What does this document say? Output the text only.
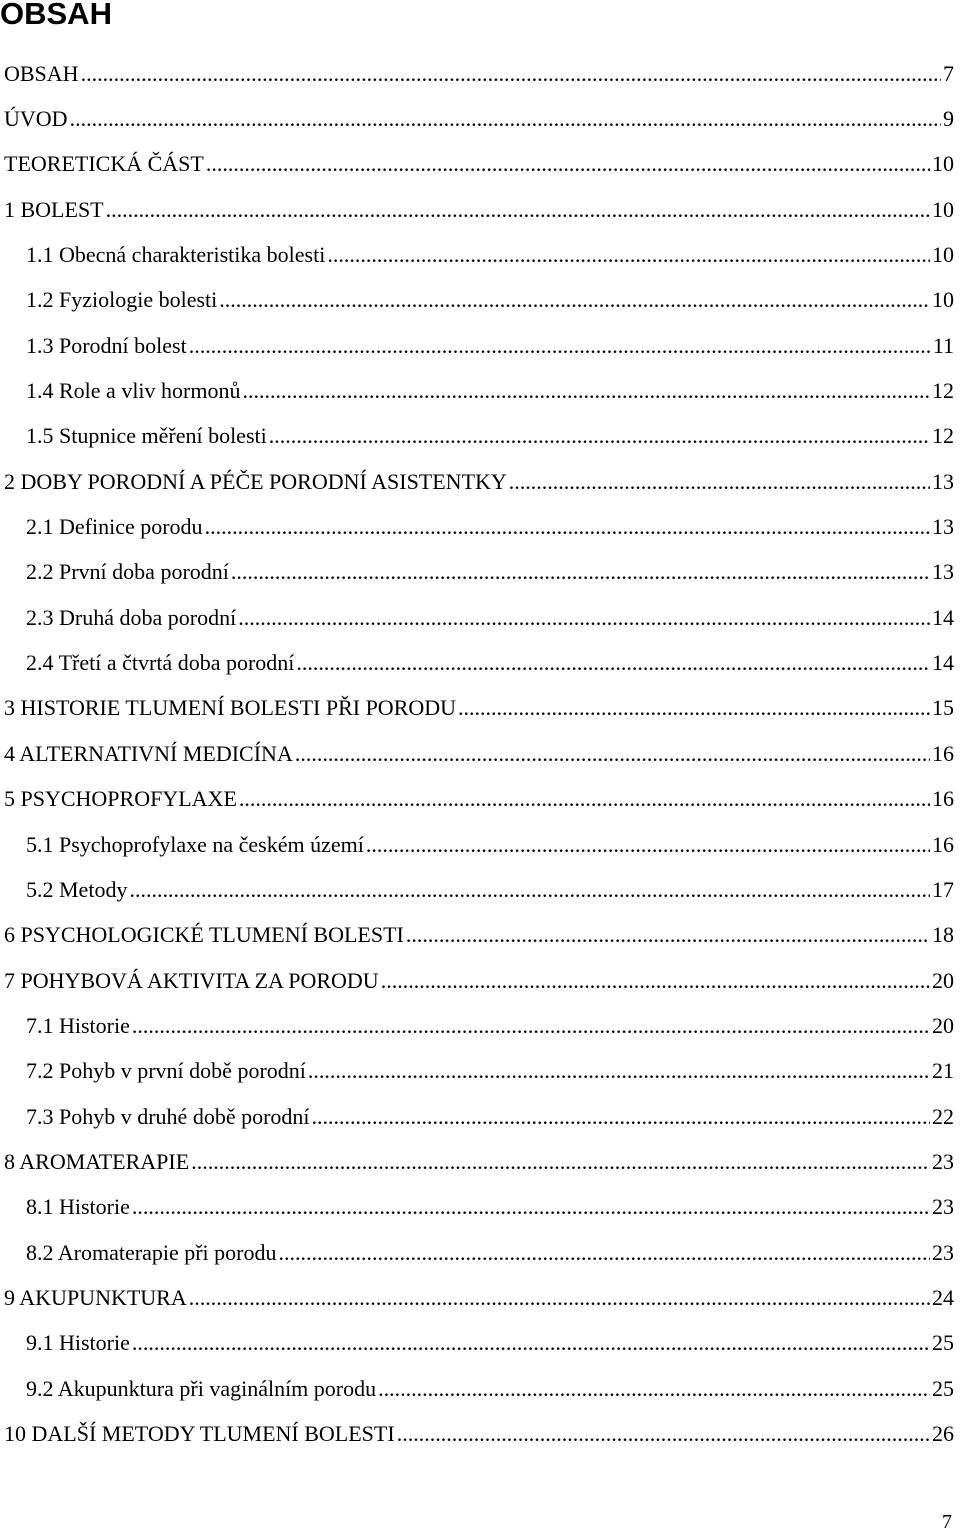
OBSAH
OBSAH .....	7
ÚVOD .....	9
TEORETICKÁ ČÁST .....	10
1 BOLEST .....	10
1.1 Obecná charakteristika bolesti .....	10
1.2 Fyziologie bolesti .....	10
1.3 Porodní bolest .....	11
1.4 Role a vliv hormonů .....	12
1.5 Stupnice měření bolesti .....	12
2 DOBY PORODNÍ A PÉČE PORODNÍ ASISTENTKY .....	13
2.1 Definice porodu .....	13
2.2 První doba porodní .....	13
2.3 Druhá doba porodní .....	14
2.4 Třetí a čtvrtá doba porodní .....	14
3 HISTORIE TLUMENÍ BOLESTI PŘI PORODU .....	15
4 ALTERNATIVNÍ MEDICÍNA .....	16
5 PSYCHOPROFYLAXE .....	16
5.1 Psychoprofylaxe na českém území .....	16
5.2 Metody .....	17
6 PSYCHOLOGICKÉ TLUMENÍ BOLESTI .....	18
7 POHYBOVÁ AKTIVITA ZA PORODU .....	20
7.1 Historie .....	20
7.2 Pohyb v první době porodní .....	21
7.3 Pohyb v druhé době porodní .....	22
8 AROMATERAPIE .....	23
8.1 Historie .....	23
8.2 Aromaterapie při porodu .....	23
9 AKUPUNKTURA .....	24
9.1 Historie .....	25
9.2 Akupunktura při vaginálním porodu .....	25
10 DALŠÍ METODY TLUMENÍ BOLESTI .....	26
7
